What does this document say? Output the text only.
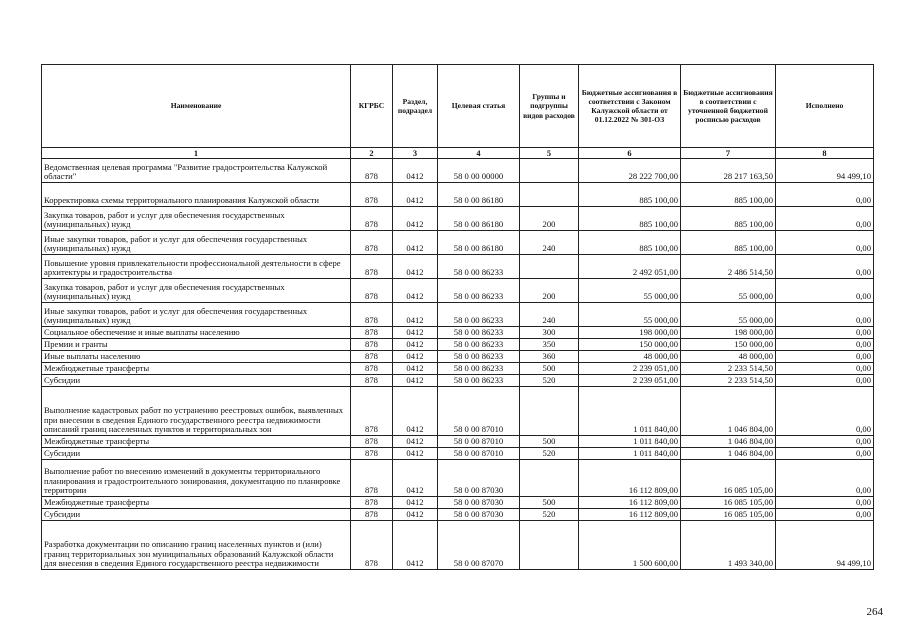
Наименование	КГРБС	Раздел, подраздел	Целевая статья	Группы и подгруппы видов расходов	Бюджетные ассигнования в соответствии с Законом Калужской области от 01.12.2022 № 301-ОЗ	Бюджетные ассигнования в соответствии с уточненной бюджетной росписью расходов	Исполнено
1	2	3	4	5	6	7	8
Ведомственная целевая программа "Развитие градостроительства Калужской области"	878	0412	58 0 00 00000		28 222 700,00	28 217 163,50	94 499,10
Корректировка схемы территориального планирования Калужской области	878	0412	58 0 00 86180		885 100,00	885 100,00	0,00
Закупка товаров, работ и услуг для обеспечения государственных (муниципальных) нужд	878	0412	58 0 00 86180	200	885 100,00	885 100,00	0,00
Иные закупки товаров, работ и услуг для обеспечения государственных (муниципальных) нужд	878	0412	58 0 00 86180	240	885 100,00	885 100,00	0,00
Повышение уровня привлекательности профессиональной деятельности в сфере архитектуры и градостроительства	878	0412	58 0 00 86233		2 492 051,00	2 486 514,50	0,00
Закупка товаров, работ и услуг для обеспечения государственных (муниципальных) нужд	878	0412	58 0 00 86233	200	55 000,00	55 000,00	0,00
Иные закупки товаров, работ и услуг для обеспечения государственных (муниципальных) нужд	878	0412	58 0 00 86233	240	55 000,00	55 000,00	0,00
Социальное обеспечение и иные выплаты населению	878	0412	58 0 00 86233	300	198 000,00	198 000,00	0,00
Премии и гранты	878	0412	58 0 00 86233	350	150 000,00	150 000,00	0,00
Иные выплаты населению	878	0412	58 0 00 86233	360	48 000,00	48 000,00	0,00
Межбюджетные трансферты	878	0412	58 0 00 86233	500	2 239 051,00	2 233 514,50	0,00
Субсидии	878	0412	58 0 00 86233	520	2 239 051,00	2 233 514,50	0,00
Выполнение кадастровых работ по устранению реестровых ошибок, выявленных при внесении в сведения Единого государственного реестра недвижимости описаний границ населенных пунктов и территориальных зон	878	0412	58 0 00 87010		1 011 840,00	1 046 804,00	0,00
Межбюджетные трансферты	878	0412	58 0 00 87010	500	1 011 840,00	1 046 804,00	0,00
Субсидии	878	0412	58 0 00 87010	520	1 011 840,00	1 046 804,00	0,00
Выполнение работ по внесению изменений в документы территориального планирования и градостроительного зонирования, документацию по планировке территории	878	0412	58 0 00 87030		16 112 809,00	16 085 105,00	0,00
Межбюджетные трансферты	878	0412	58 0 00 87030	500	16 112 809,00	16 085 105,00	0,00
Субсидии	878	0412	58 0 00 87030	520	16 112 809,00	16 085 105,00	0,00
Разработка документации по описанию границ населенных пунктов и (или) границ территориальных зон муниципальных образований Калужской области для внесения в сведения Единого государственного реестра недвижимости	878	0412	58 0 00 87070		1 500 600,00	1 493 340,00	94 499,10
264
